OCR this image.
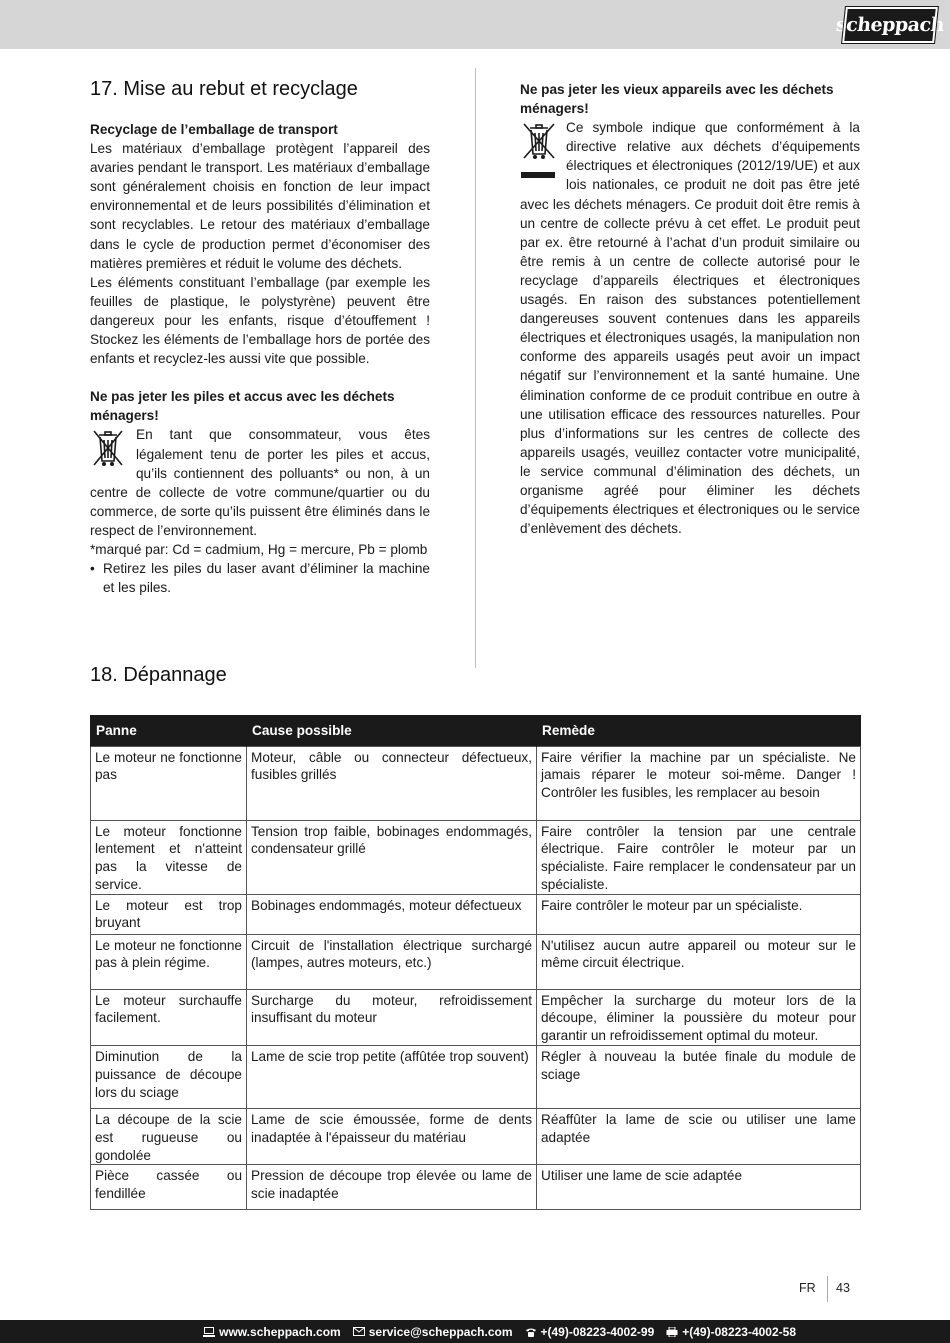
scheppach
17. Mise au rebut et recyclage

Recyclage de l’emballage de transport

Les matériaux d’emballage protègent l’appareil des avaries pendant le transport. Les matériaux d’emballage sont généralement choisis en fonction de leur impact environnemental et de leurs possibilités d’élimination et sont recyclables. Le retour des matériaux d’emballage dans le cycle de production permet d’économiser des matières premières et réduit le volume des déchets.

Les éléments constituant l’emballage (par exemple les feuilles de plastique, le polystyrène) peuvent être dangereux pour les enfants, risque d’étouffement ! Stockez les éléments de l’emballage hors de portée des enfants et recyclez-les aussi vite que possible.

Ne pas jeter les piles et accus avec les déchets ménagers!

En tant que consommateur, vous êtes légalement tenu de porter les piles et accus, qu’ils contiennent des polluants* ou non, à un centre de collecte de votre commune/quartier ou du commerce, de sorte qu’ils puissent être éliminés dans le respect de l’environnement.

*marqué par: Cd = cadmium, Hg = mercure, Pb = plomb

• Retirez les piles du laser avant d’éliminer la machine et les piles.

Ne pas jeter les vieux appareils avec les déchets ménagers!

Ce symbole indique que conformément à la directive relative aux déchets d’équipements électriques et électroniques (2012/19/UE) et aux lois nationales, ce produit ne doit pas être jeté avec les déchets ménagers. Ce produit doit être remis à un centre de collecte prévu à cet effet. Le produit peut par ex. être retourné à l’achat d’un produit similaire ou être remis à un centre de collecte autorisé pour le recyclage d’appareils électriques et électroniques usagés. En raison des substances potentiellement dangereuses souvent contenues dans les appareils électriques et électroniques usagés, la manipulation non conforme des appareils usagés peut avoir un impact négatif sur l’environnement et la santé humaine. Une élimination conforme de ce produit contribue en outre à une utilisation efficace des ressources naturelles. Pour plus d’informations sur les centres de collecte des appareils usagés, veuillez contacter votre municipalité, le service communal d’élimination des déchets, un organisme agréé pour éliminer les déchets d’équipements électriques et électroniques ou le service d’enlèvement des déchets.

18. Dépannage
Panne	Cause possible	Remède
Le moteur ne fonctionne pas	Moteur, câble ou connecteur défectueux, fusibles grillés	Faire vérifier la machine par un spécialiste. Ne jamais réparer le moteur soi-même. Danger ! Contrôler les fusibles, les remplacer au besoin
Le moteur fonctionne lentement et n'atteint pas la vitesse de service.	Tension trop faible, bobinages endommagés, condensateur grillé	Faire contrôler la tension par une centrale électrique. Faire contrôler le moteur par un spécialiste. Faire remplacer le condensateur par un spécialiste.
Le moteur est trop bruyant	Bobinages endommagés, moteur défectueux	Faire contrôler le moteur par un spécialiste.
Le moteur ne fonctionne pas à plein régime.	Circuit de l'installation électrique surchargé (lampes, autres moteurs, etc.)	N'utilisez aucun autre appareil ou moteur sur le même circuit électrique.
Le moteur surchauffe facilement.	Surcharge du moteur, refroidissement insuffisant du moteur	Empêcher la surcharge du moteur lors de la découpe, éliminer la poussière du moteur pour garantir un refroidissement optimal du moteur.
Diminution de la puissance de découpe lors du sciage	Lame de scie trop petite (affûtée trop souvent)	Régler à nouveau la butée finale du module de sciage
La découpe de la scie est rugueuse ou gondolée	Lame de scie émoussée, forme de dents inadaptée à l'épaisseur du matériau	Réaffûter la lame de scie ou utiliser une lame adaptée
Pièce cassée ou fendillée	Pression de découpe trop élevée ou lame de scie inadaptée	Utiliser une lame de scie adaptée
FR 43
www.scheppach.com service@scheppach.com +(49)-08223-4002-99 +(49)-08223-4002-58
